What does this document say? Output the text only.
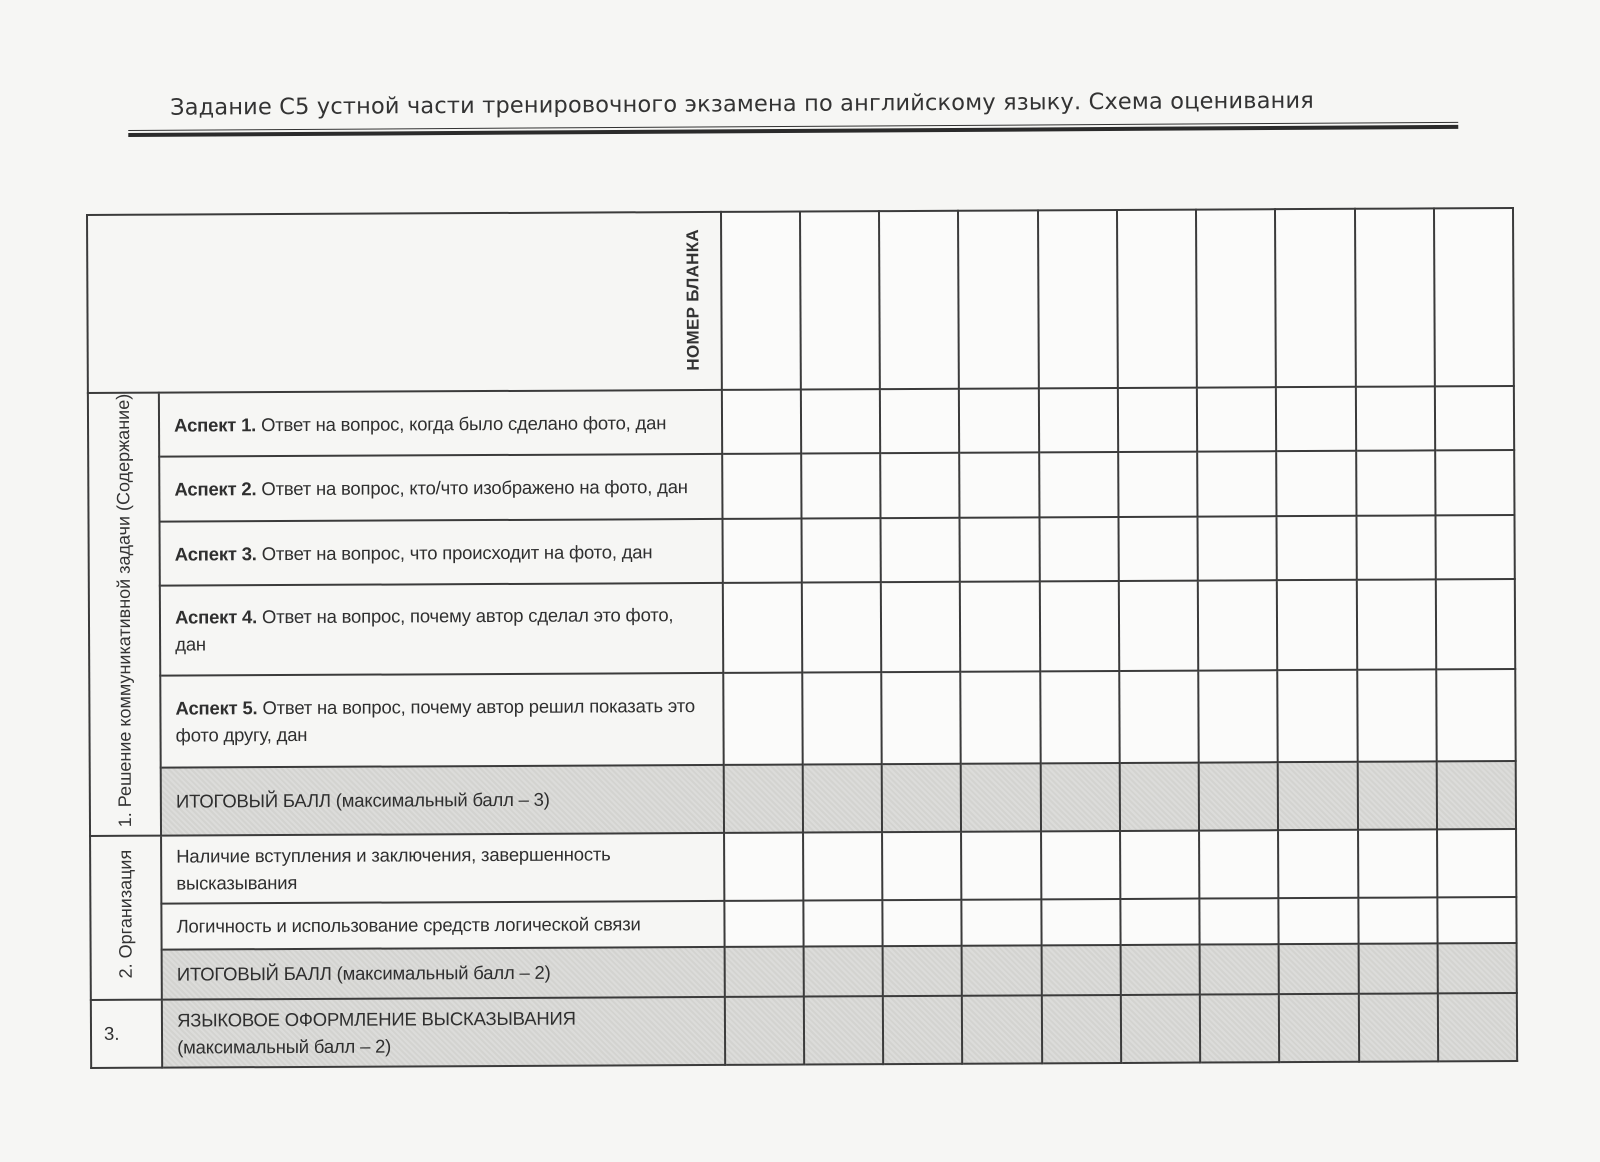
Задание С5 устной части тренировочного экзамена по английскому языку. Схема оценивания
НОМЕР БЛАНКА											

1. Решение коммуникативной задачи (Содержание)	Аспект 1. Ответ на вопрос, когда было сделано фото, дан										
	Аспект 2. Ответ на вопрос, кто/что изображено на фото, дан										
	Аспект 3. Ответ на вопрос, что происходит на фото, дан										
	Аспект 4. Ответ на вопрос, почему автор сделал это фото, дан										
	Аспект 5. Ответ на вопрос, почему автор решил показать это фото другу, дан										
	ИТОГОВЫЙ БАЛЛ (максимальный балл – 3)										
2. Организация	Наличие вступления и заключения, завершенность высказывания										
	Логичность и использование средств логической связи										
	ИТОГОВЫЙ БАЛЛ (максимальный балл – 2)										
3.	ЯЗЫКОВОЕ ОФОРМЛЕНИЕ ВЫСКАЗЫВАНИЯ (максимальный балл – 2)										
